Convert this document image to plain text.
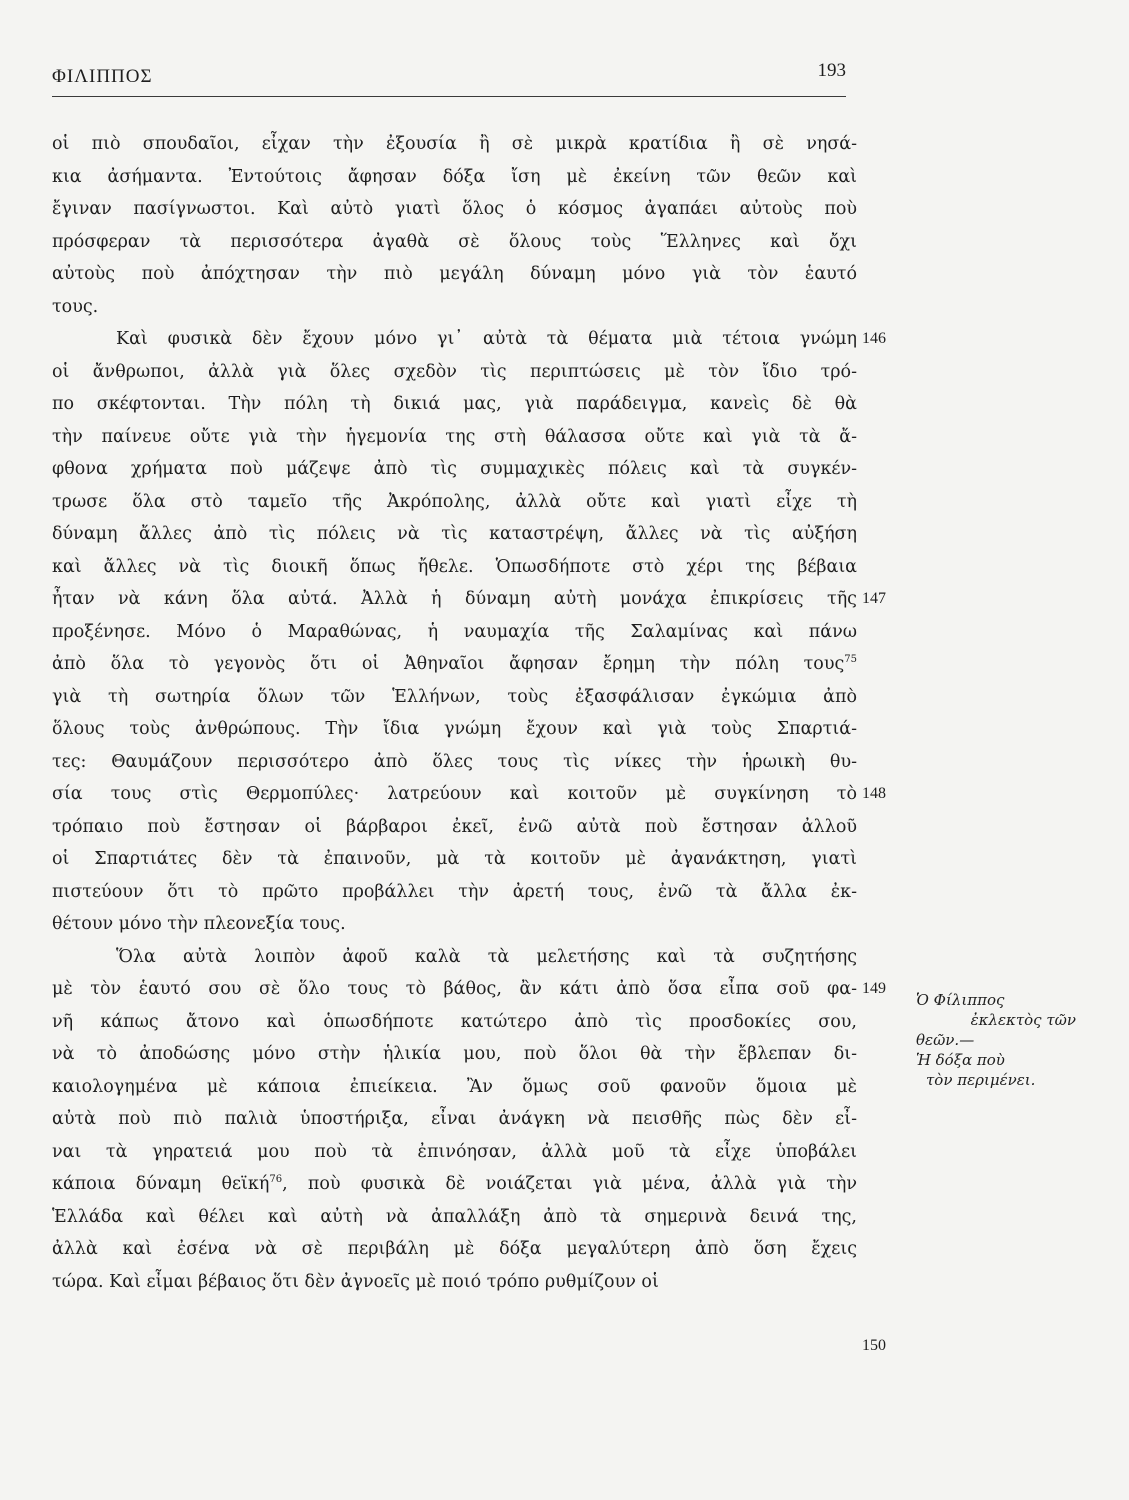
ΦΙΛΙΠΠΟΣ	193
οἱ πιὸ σπουδαῖοι, εἶχαν τὴν ἐξουσία ἢ σὲ μικρὰ κρατίδια ἢ σὲ νησά-
κια ἀσήμαντα. Ἐντούτοις ἄφησαν δόξα ἴση μὲ ἐκείνη τῶν θεῶν καὶ
ἔγιναν πασίγνωστοι. Καὶ αὐτὸ γιατὶ ὅλος ὁ κόσμος ἀγαπάει αὐτοὺς ποὺ
πρόσφεραν τὰ περισσότερα ἀγαθὰ σὲ ὅλους τοὺς Ἕλληνες καὶ ὄχι
αὐτοὺς ποὺ ἀπόχτησαν τὴν πιὸ μεγάλη δύναμη μόνο γιὰ τὸν ἑαυτό
τους.
Καὶ φυσικὰ δὲν ἔχουν μόνο γι᾿ αὐτὰ τὰ θέματα μιὰ τέτοια γνώμη
οἱ ἄνθρωποι, ἀλλὰ γιὰ ὅλες σχεδὸν τὶς περιπτώσεις μὲ τὸν ἴδιο τρό-
πο σκέφτονται. Τὴν πόλη τὴ δικιά μας, γιὰ παράδειγμα, κανεὶς δὲ θὰ
τὴν παίνευε οὔτε γιὰ τὴν ἡγεμονία της στὴ θάλασσα οὔτε καὶ γιὰ τὰ ἄ-
φθονα χρήματα ποὺ μάζεψε ἀπὸ τὶς συμμαχικὲς πόλεις καὶ τὰ συγκέν-
τρωσε ὅλα στὸ ταμεῖο τῆς Ἀκρόπολης, ἀλλὰ οὔτε καὶ γιατὶ εἶχε τὴ
δύναμη ἄλλες ἀπὸ τὶς πόλεις νὰ τὶς καταστρέψη, ἄλλες νὰ τὶς αὐξήση
καὶ ἄλλες νὰ τὶς διοικῆ ὅπως ἤθελε. Ὁπωσδήποτε στὸ χέρι της βέβαια
ἦταν νὰ κάνη ὅλα αὐτά. Ἀλλὰ ἡ δύναμη αὐτὴ μονάχα ἐπικρίσεις τῆς
προξένησε. Μόνο ὁ Μαραθώνας, ἡ ναυμαχία τῆς Σαλαμίνας καὶ πάνω
ἀπὸ ὅλα τὸ γεγονὸς ὅτι οἱ Ἀθηναῖοι ἄφησαν ἔρημη τὴν πόλη τους$^{75}$
γιὰ τὴ σωτηρία ὅλων τῶν Ἑλλήνων, τοὺς ἐξασφάλισαν ἐγκώμια ἀπὸ
ὅλους τοὺς ἀνθρώπους. Τὴν ἴδια γνώμη ἔχουν καὶ γιὰ τοὺς Σπαρτιά-
τες: Θαυμάζουν περισσότερο ἀπὸ ὅλες τους τὶς νίκες τὴν ἡρωικὴ θυ-
σία τους στὶς Θερμοπύλες· λατρεύουν καὶ κοιτοῦν μὲ συγκίνηση τὸ
τρόπαιο ποὺ ἔστησαν οἱ βάρβαροι ἐκεῖ, ἐνῶ αὐτὰ ποὺ ἔστησαν ἀλλοῦ
οἱ Σπαρτιάτες δὲν τὰ ἐπαινοῦν, μὰ τὰ κοιτοῦν μὲ ἀγανάκτηση, γιατὶ
πιστεύουν ὅτι τὸ πρῶτο προβάλλει τὴν ἀρετή τους, ἐνῶ τὰ ἄλλα ἐκ-
θέτουν μόνο τὴν πλεονεξία τους.
Ὅλα αὐτὰ λοιπὸν ἀφοῦ καλὰ τὰ μελετήσης καὶ τὰ συζητήσης
μὲ τὸν ἑαυτό σου σὲ ὅλο τους τὸ βάθος, ἂν κάτι ἀπὸ ὅσα εἶπα σοῦ φα-
νῆ κάπως ἄτονο καὶ ὁπωσδήποτε κατώτερο ἀπὸ τὶς προσδοκίες σου,
νὰ τὸ ἀποδώσης μόνο στὴν ἡλικία μου, ποὺ ὅλοι θὰ τὴν ἔβλεπαν δι-
καιολογημένα μὲ κάποια ἐπιείκεια. Ἂν ὅμως σοῦ φανοῦν ὅμοια μὲ
αὐτὰ ποὺ πιὸ παλιὰ ὑποστήριξα, εἶναι ἀνάγκη νὰ πεισθῆς πὼς δὲν εἶ-
ναι τὰ γηρατειά μου ποὺ τὰ ἐπινόησαν, ἀλλὰ μοῦ τὰ εἶχε ὑποβάλει
κάποια δύναμη θεϊκή$^{76}$, ποὺ φυσικὰ δὲ νοιάζεται γιὰ μένα, ἀλλὰ γιὰ τὴν
Ἑλλάδα καὶ θέλει καὶ αὐτὴ νὰ ἀπαλλάξη ἀπὸ τὰ σημερινὰ δεινά της,
ἀλλὰ καὶ ἐσένα νὰ σὲ περιβάλη μὲ δόξα μεγαλύτερη ἀπὸ ὅση ἔχεις
τώρα. Καὶ εἶμαι βέβαιος ὅτι δὲν ἀγνοεῖς μὲ ποιό τρόπο ρυθμίζουν οἱ
146
147
148
149
150
Ὁ Φίλιππος
ἐκλεκτὸς τῶν
θεῶν.—
Ἡ δόξα ποὺ
τὸν περιμένει.
